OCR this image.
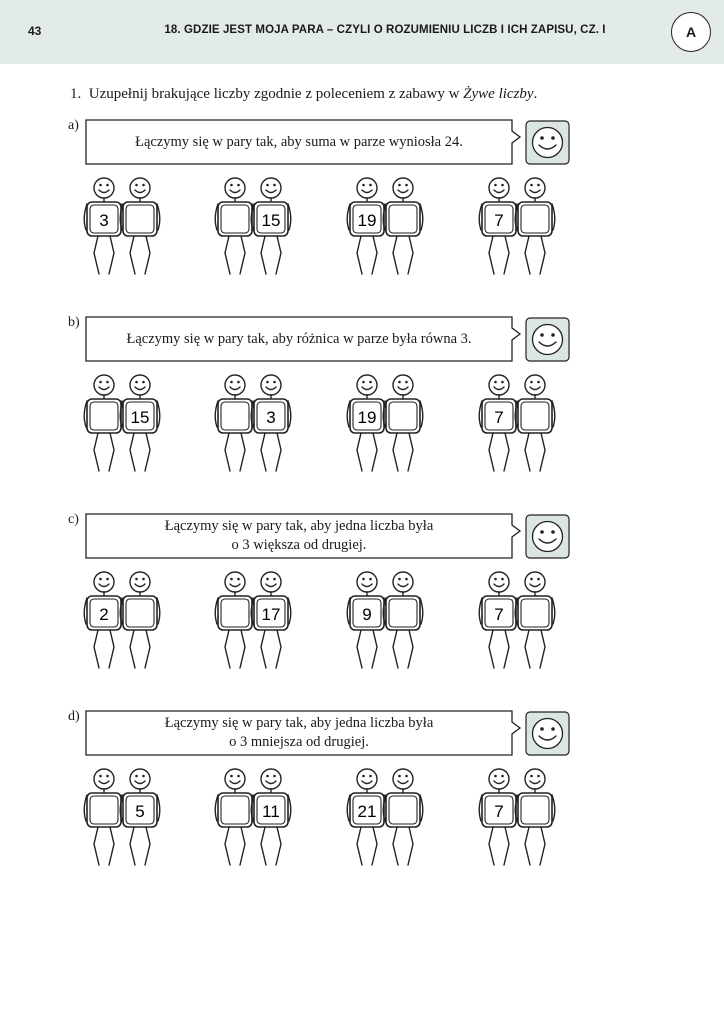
43	18. GDZIE JEST MOJA PARA – CZYLI O ROZUMIENIU LICZB I ICH ZAPISU, CZ. I	A
1. Uzupełnij brakujące liczby zgodnie z poleceniem z zabawy w Żywe liczby.
a)
3	15	19	7
Łączymy się w pary tak, aby suma w parze wyniosła 24.
b)
15	3	19	7
Łączymy się w pary tak, aby różnica w parze była równa 3.
c)
2	17	9	7
Łączymy się w pary tak, aby jedna liczba była
o 3 większa od drugiej.
d)
5	11	21	7
Łączymy się w pary tak, aby jedna liczba była
o 3 mniejsza od drugiej.
